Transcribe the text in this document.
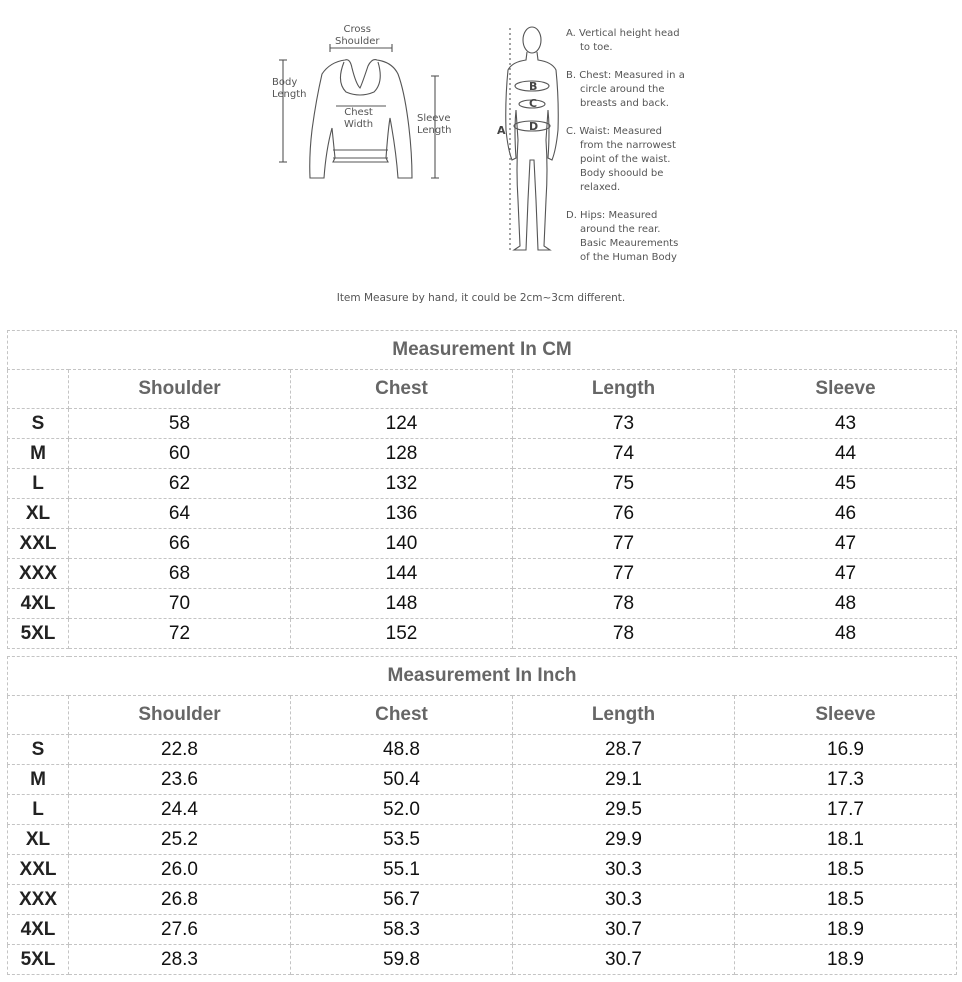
Cross
Shoulder
Body
Length
Chest
Width
Sleeve
Length	A
B
C
D
A. Vertical height head
to toe.
B. Chest: Measured in a
circle around the
breasts and back.
C. Waist: Measured
from the narrowest
point of the waist.
Body shoould be
relaxed.
D. Hips: Measured
around the rear.
Basic Meaurements
of the Human Body
Item Measure by hand, it could be 2cm~3cm different.
Measurement In CM				
	Shoulder	Chest	Length	Sleeve
S	58	124	73	43
M	60	128	74	44
L	62	132	75	45
XL	64	136	76	46
XXL	66	140	77	47
XXX	68	144	77	47
4XL	70	148	78	48
5XL	72	152	78	48
Measurement In Inch				
	Shoulder	Chest	Length	Sleeve
S	22.8	48.8	28.7	16.9
M	23.6	50.4	29.1	17.3
L	24.4	52.0	29.5	17.7
XL	25.2	53.5	29.9	18.1
XXL	26.0	55.1	30.3	18.5
XXX	26.8	56.7	30.3	18.5
4XL	27.6	58.3	30.7	18.9
5XL	28.3	59.8	30.7	18.9
